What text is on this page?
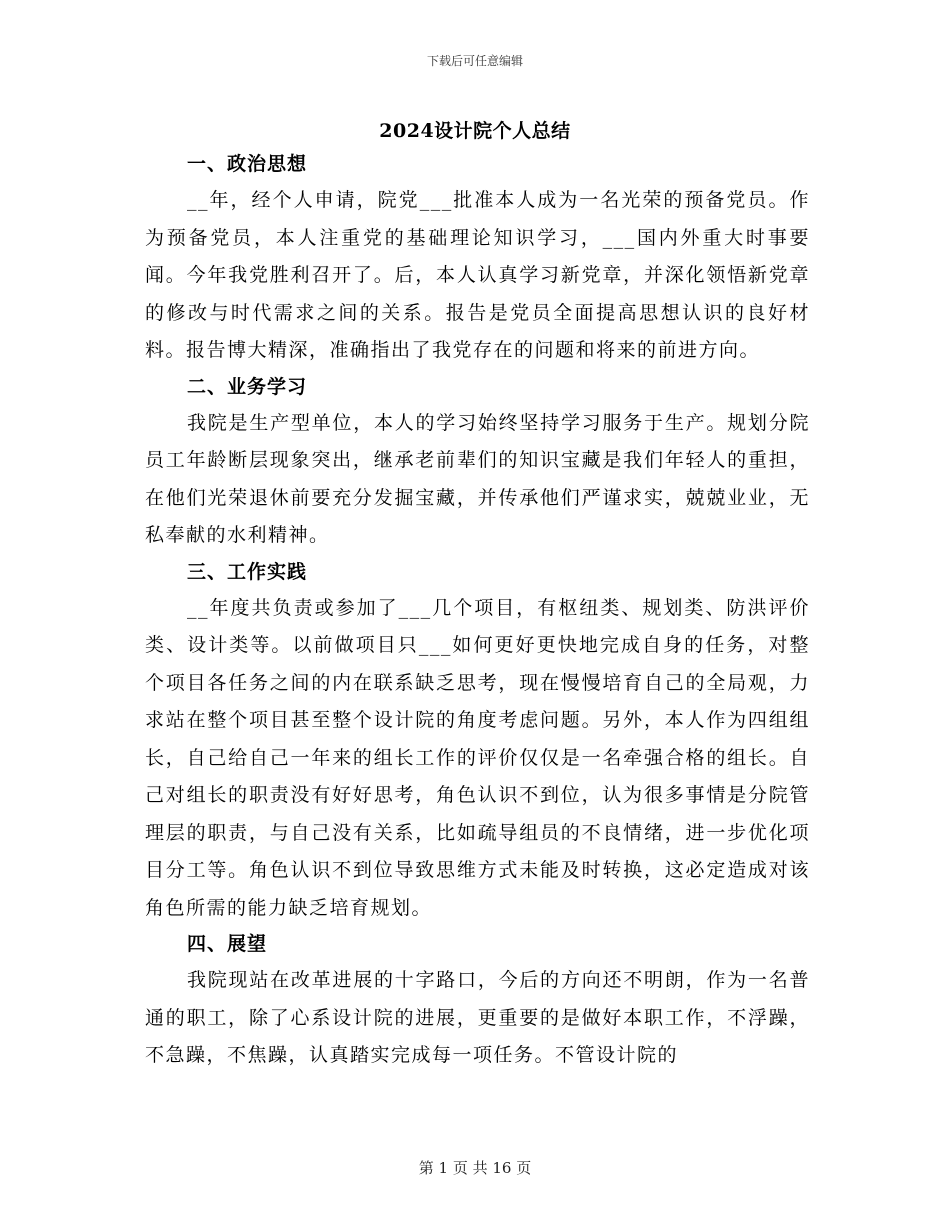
下载后可任意编辑
2024设计院个人总结
一、政治思想

__年，经个人申请，院党___批准本人成为一名光荣的预备党员。作为预备党员，本人注重党的基础理论知识学习，___国内外重大时事要闻。今年我党胜利召开了。后，本人认真学习新党章，并深化领悟新党章的修改与时代需求之间的关系。报告是党员全面提高思想认识的良好材料。报告博大精深，准确指出了我党存在的问题和将来的前进方向。

二、业务学习

我院是生产型单位，本人的学习始终坚持学习服务于生产。规划分院员工年龄断层现象突出，继承老前辈们的知识宝藏是我们年轻人的重担，在他们光荣退休前要充分发掘宝藏，并传承他们严谨求实，兢兢业业，无私奉献的水利精神。

三、工作实践

__年度共负责或参加了___几个项目，有枢纽类、规划类、防洪评价类、设计类等。以前做项目只___如何更好更快地完成自身的任务，对整个项目各任务之间的内在联系缺乏思考，现在慢慢培育自己的全局观，力求站在整个项目甚至整个设计院的角度考虑问题。另外，本人作为四组组长，自己给自己一年来的组长工作的评价仅仅是一名牵强合格的组长。自己对组长的职责没有好好思考，角色认识不到位，认为很多事情是分院管理层的职责，与自己没有关系，比如疏导组员的不良情绪，进一步优化项目分工等。角色认识不到位导致思维方式未能及时转换，这必定造成对该角色所需的能力缺乏培育规划。

四、展望

我院现站在改革进展的十字路口，今后的方向还不明朗，作为一名普通的职工，除了心系设计院的进展，更重要的是做好本职工作，不浮躁，不急躁，不焦躁，认真踏实完成每一项任务。不管设计院的

第 1 页 共 16 页
